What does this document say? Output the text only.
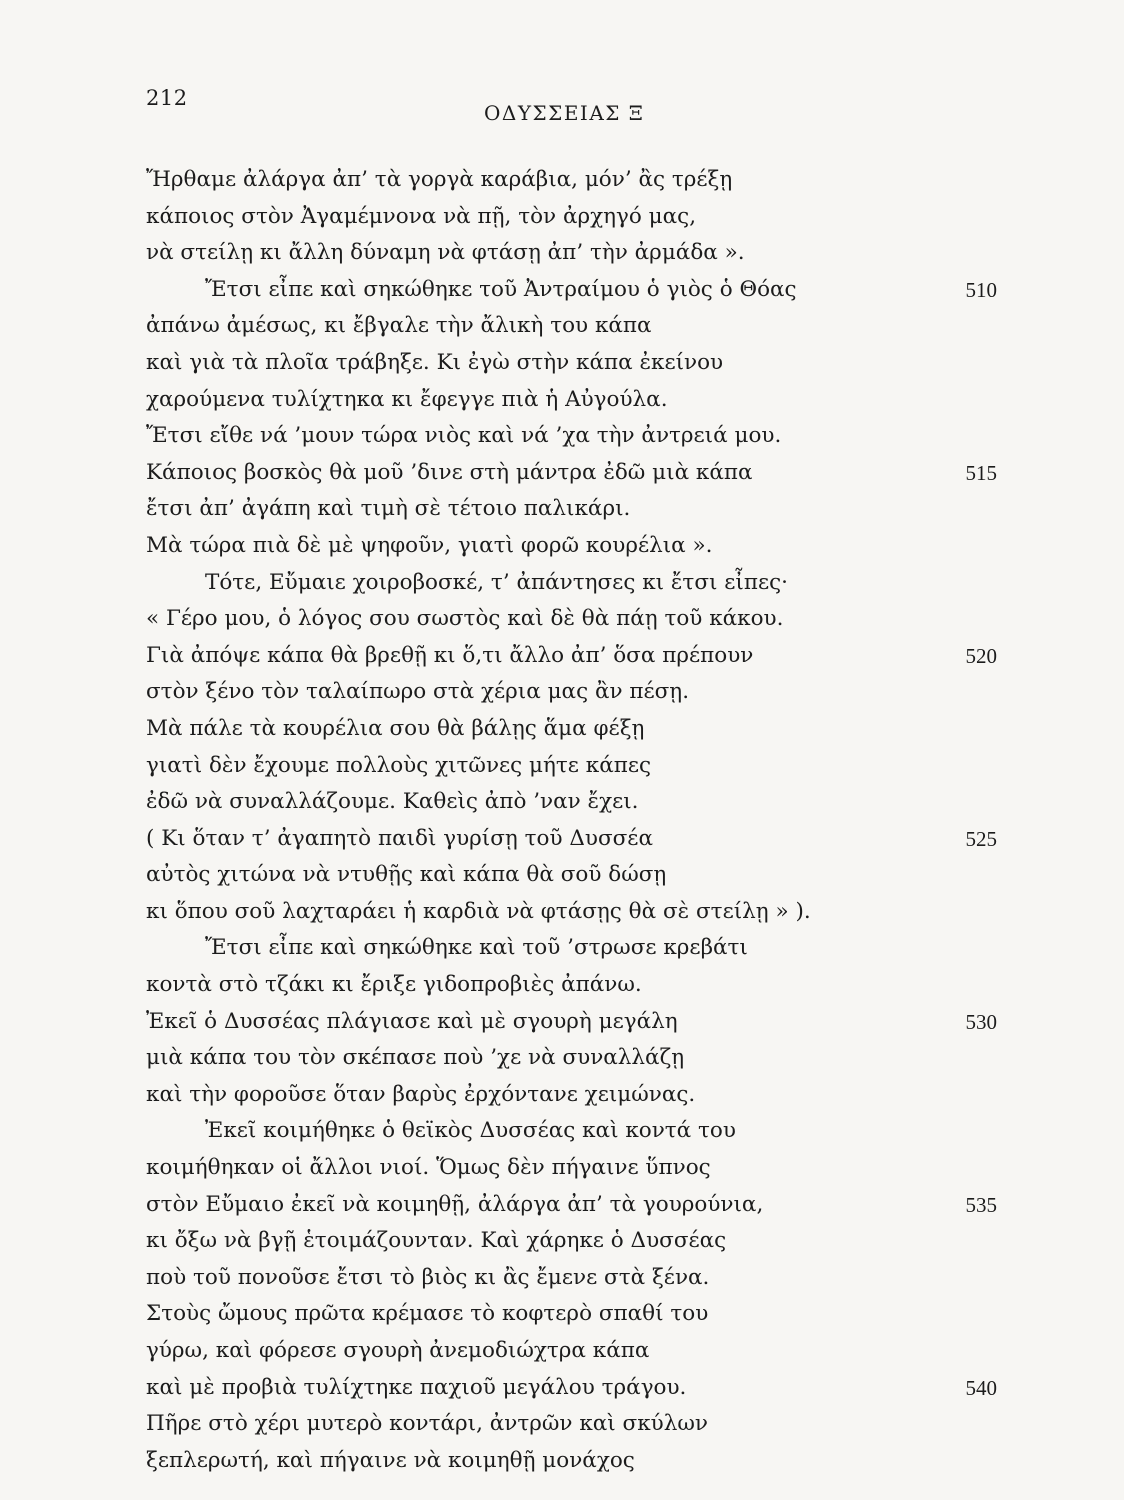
212
ΟΔΥΣΣΕΙΑΣ Ξ
Ἤρθαμε ἀλάργα ἀπ’ τὰ γοργὰ καράβια, μόν’ ἂς τρέξῃ
κάποιος στὸν Ἀγαμέμνονα νὰ πῇ, τὸν ἀρχηγό μας,
νὰ στείλῃ κι ἄλλη δύναμη νὰ φτάσῃ ἀπ’ τὴν ἀρμάδα ».
Ἔτσι εἶπε καὶ σηκώθηκε τοῦ Ἀντραίμου ὁ γιὸς ὁ Θόας	510
ἀπάνω ἀμέσως, κι ἔβγαλε τὴν ἄλικὴ του κάπα
καὶ γιὰ τὰ πλοῖα τράβηξε. Κι ἐγὼ στὴν κάπα ἐκείνου
χαρούμενα τυλίχτηκα κι ἔφεγγε πιὰ ἡ Αὐγούλα.
Ἔτσι εἴθε νά ’μουν τώρα νιὸς καὶ νά ’χα τὴν ἀντρειά μου.
Κάποιος βοσκὸς θὰ μοῦ ’δινε στὴ μάντρα ἐδῶ μιὰ κάπα	515
ἔτσι ἀπ’ ἀγάπη καὶ τιμὴ σὲ τέτοιο παλικάρι.
Μὰ τώρα πιὰ δὲ μὲ ψηφοῦν, γιατὶ φορῶ κουρέλια ».
Τότε, Εὔμαιε χοιροβοσκέ, τ’ ἀπάντησες κι ἔτσι εἶπες·
« Γέρο μου, ὁ λόγος σου σωστὸς καὶ δὲ θὰ πάῃ τοῦ κάκου.
Γιὰ ἀπόψε κάπα θὰ βρεθῇ κι ὅ,τι ἄλλο ἀπ’ ὅσα πρέπουν	520
στὸν ξένο τὸν ταλαίπωρο στὰ χέρια μας ἂν πέσῃ.
Μὰ πάλε τὰ κουρέλια σου θὰ βάλῃς ἅμα φέξῃ
γιατὶ δὲν ἔχουμε πολλοὺς χιτῶνες μήτε κάπες
ἐδῶ νὰ συναλλάζουμε. Καθεὶς ἀπὸ ’ναν ἔχει.
( Κι ὅταν τ’ ἀγαπητὸ παιδὶ γυρίσῃ τοῦ Δυσσέα	525
αὐτὸς χιτώνα νὰ ντυθῇς καὶ κάπα θὰ σοῦ δώσῃ
κι ὅπου σοῦ λαχταράει ἡ καρδιὰ νὰ φτάσῃς θὰ σὲ στείλῃ » ).
Ἔτσι εἶπε καὶ σηκώθηκε καὶ τοῦ ’στρωσε κρεβάτι
κοντὰ στὸ τζάκι κι ἔριξε γιδοπροβιὲς ἀπάνω.
Ἐκεῖ ὁ Δυσσέας πλάγιασε καὶ μὲ σγουρὴ μεγάλη	530
μιὰ κάπα του τὸν σκέπασε ποὺ ’χε νὰ συναλλάζῃ
καὶ τὴν φοροῦσε ὅταν βαρὺς ἐρχόντανε χειμώνας.
Ἐκεῖ κοιμήθηκε ὁ θεϊκὸς Δυσσέας καὶ κοντά του
κοιμήθηκαν οἱ ἄλλοι νιοί. Ὅμως δὲν πήγαινε ὕπνος
στὸν Εὔμαιο ἐκεῖ νὰ κοιμηθῇ, ἀλάργα ἀπ’ τὰ γουρούνια,	535
κι ὄξω νὰ βγῇ ἑτοιμάζουνταν. Καὶ χάρηκε ὁ Δυσσέας
ποὺ τοῦ πονοῦσε ἔτσι τὸ βιὸς κι ἂς ἔμενε στὰ ξένα.
Στοὺς ὤμους πρῶτα κρέμασε τὸ κοφτερὸ σπαθί του
γύρω, καὶ φόρεσε σγουρὴ ἀνεμοδιώχτρα κάπα
καὶ μὲ προβιὰ τυλίχτηκε παχιοῦ μεγάλου τράγου.	540
Πῆρε στὸ χέρι μυτερὸ κοντάρι, ἀντρῶν καὶ σκύλων
ξεπλερωτή, καὶ πήγαινε νὰ κοιμηθῇ μονάχος
